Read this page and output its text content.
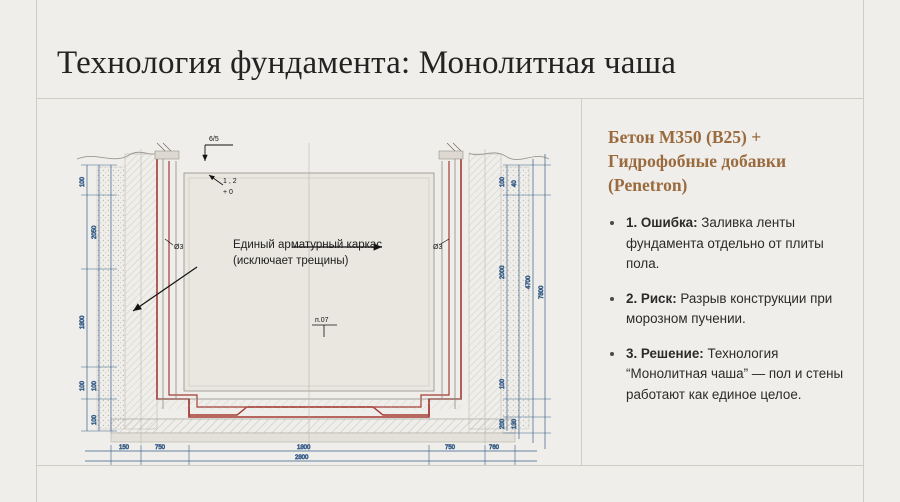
Технология фундамента: Монолитная чаша
6/5
1 , 2
+ 0
Ø3	Ø3
п.07
100
2050
1800
100
100
100
100 40
2000
4700
7800
100
200 130
150	750	1800	750	760
2800
Единый арматурный каркас (исключает трещины)
Бетон М350 (В25) + Гидрофобные добавки (Penetron)
1. Ошибка: Заливка ленты фундамента отдельно от плиты пола.
2. Риск: Разрыв конструкции при морозном пучении.
3. Решение: Технология “Монолитная чаша” — пол и стены работают как единое целое.
